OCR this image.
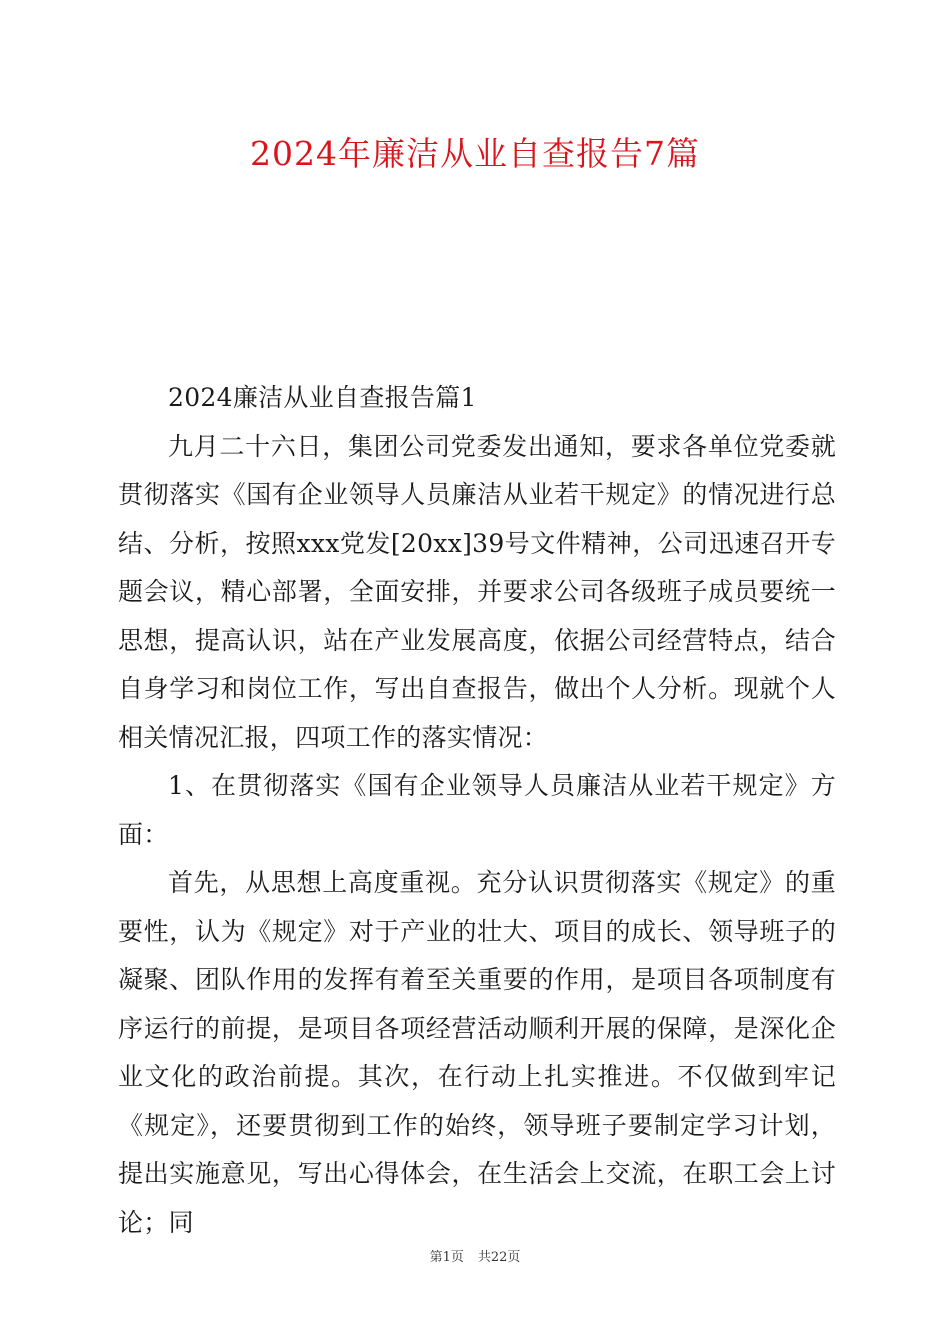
2024年廉洁从业自查报告7篇

2024廉洁从业自查报告篇1

九月二十六日，集团公司党委发出通知，要求各单位党委就贯彻落实《国有企业领导人员廉洁从业若干规定》的情况进行总结、分析，按照xxx党发[20xx]39号文件精神，公司迅速召开专题会议，精心部署，全面安排，并要求公司各级班子成员要统一思想，提高认识，站在产业发展高度，依据公司经营特点，结合自身学习和岗位工作，写出自查报告，做出个人分析。现就个人相关情况汇报，四项工作的落实情况：

1、在贯彻落实《国有企业领导人员廉洁从业若干规定》方面：

首先，从思想上高度重视。充分认识贯彻落实《规定》的重要性，认为《规定》对于产业的壮大、项目的成长、领导班子的凝聚、团队作用的发挥有着至关重要的作用，是项目各项制度有序运行的前提，是项目各项经营活动顺利开展的保障，是深化企业文化的政治前提。其次，在行动上扎实推进。不仅做到牢记《规定》，还要贯彻到工作的始终，领导班子要制定学习计划，提出实施意见，写出心得体会，在生活会上交流，在职工会上讨论；同

第1页 共22页
